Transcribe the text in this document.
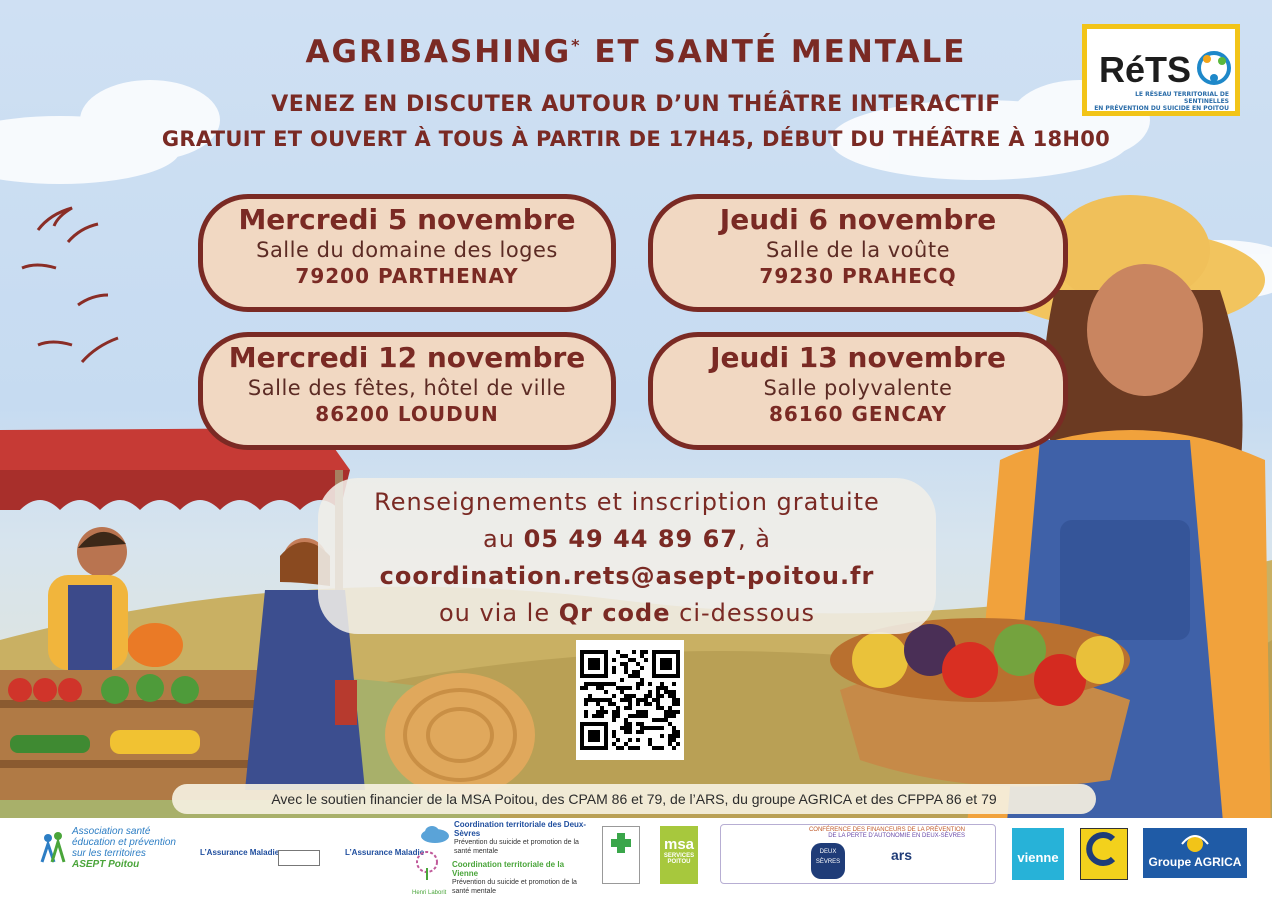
AGRIBASHING* ET SANTÉ MENTALE
VENEZ EN DISCUTER AUTOUR D’UN THÉÂTRE INTERACTIF
GRATUIT ET OUVERT À TOUS À PARTIR DE 17H45, DÉBUT DU THÉÂTRE À 18H00
RéTS
LE RÉSEAU TERRITORIAL DE SENTINELLES
EN PRÉVENTION DU SUICIDE EN POITOU
Mercredi 5 novembre
Salle du domaine des loges
79200 PARTHENAY
Jeudi 6 novembre
Salle de la voûte
79230 PRAHECQ
Mercredi 12 novembre
Salle des fêtes, hôtel de ville
86200 LOUDUN
Jeudi 13 novembre
Salle polyvalente
86160 GENCAY
Renseignements et inscription gratuite
au 05 49 44 89 67, à
coordination.rets@asept-poitou.fr
ou via le Qr code ci-dessous
Avec le soutien financier de la MSA Poitou, des CPAM 86 et 79, de l’ARS, du groupe AGRICA et des CFPPA 86 et 79
Association santé
éducation et prévention
sur les territoires
ASEPT Poitou
L’Assurance Maladie	L’Assurance Maladie
Coordination territoriale des Deux-Sèvres
Prévention du suicide et promotion de la santé mentale
Coordination territoriale de la Vienne
Prévention du suicide et promotion de la santé mentale
Henri Laborit
msa
SERVICES POITOU
CONFÉRENCE DES FINANCEURS DE LA PRÉVENTION
DE LA PERTE D’AUTONOMIE EN DEUX-SÈVRES
DEUX SÈVRES	ars	vienne	Groupe AGRICA
